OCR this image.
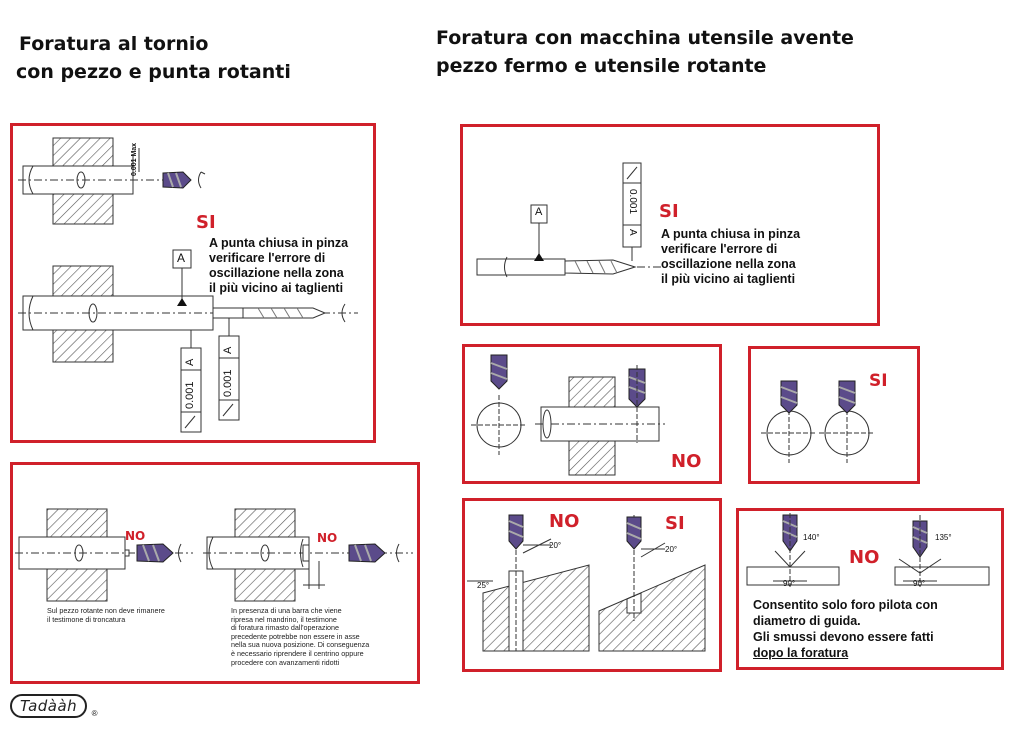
Foratura al tornio
con pezzo e punta rotanti
Foratura con macchina utensile avente
pezzo fermo e utensile rotante
0.001 Max
A
0.001
A
0.001
A
SI
A punta chiusa in pinza
verificare l'errore di
oscillazione nella zona
il più vicino ai taglienti
NO	NO
Sul pezzo rotante non deve rimanere
il testimone di troncatura
In presenza di una barra che viene
ripresa nel mandrino, il testimone
di foratura rimasto dall'operazione
precedente potrebbe non essere in asse
nella sua nuova posizione. Di conseguenza
è necessario riprendere il centrino oppure
procedere con avanzamenti ridotti
A	0.001
A
SI
A punta chiusa in pinza
verificare l'errore di
oscillazione nella zona
il più vicino ai taglienti
NO
SI
NO	SI
20°	20°
25°
140°
90°
135°
90°
NO
Consentito solo foro pilota con
diametro di guida.
Gli smussi devono essere fatti
dopo la foratura
Tadààh ®
